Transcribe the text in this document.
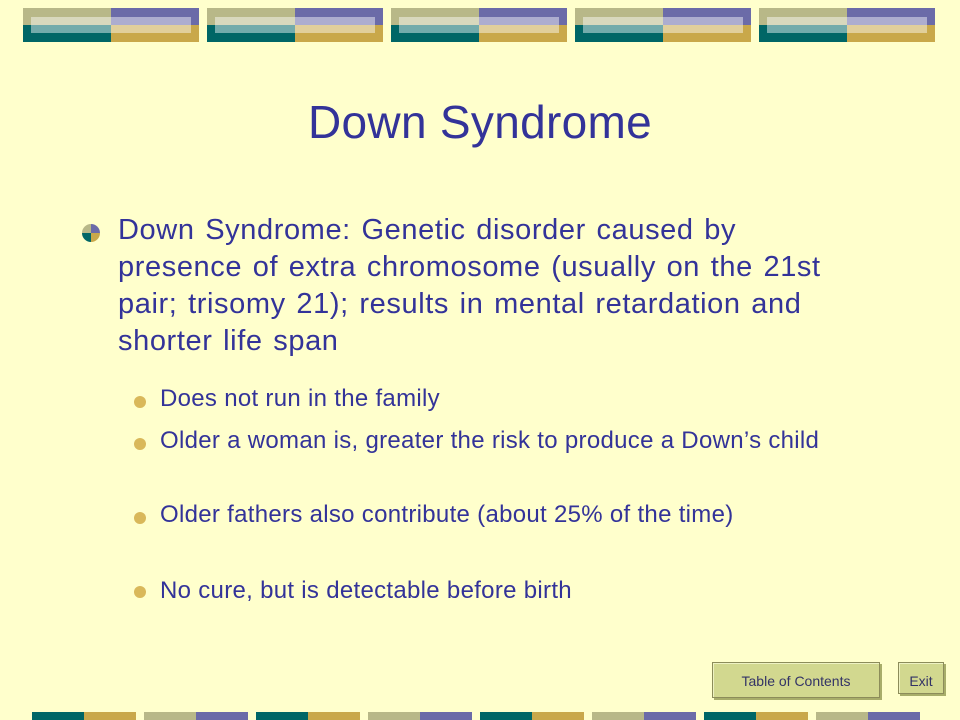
Down Syndrome
Down Syndrome: Genetic disorder caused by presence of extra chromosome (usually on the 21st pair; trisomy 21); results in mental retardation and shorter life span
Does not run in the family
Older a woman is, greater the risk to produce a Down’s child
Older fathers also contribute (about 25% of the time)
No cure, but is detectable before birth
Table of Contents	Exit
